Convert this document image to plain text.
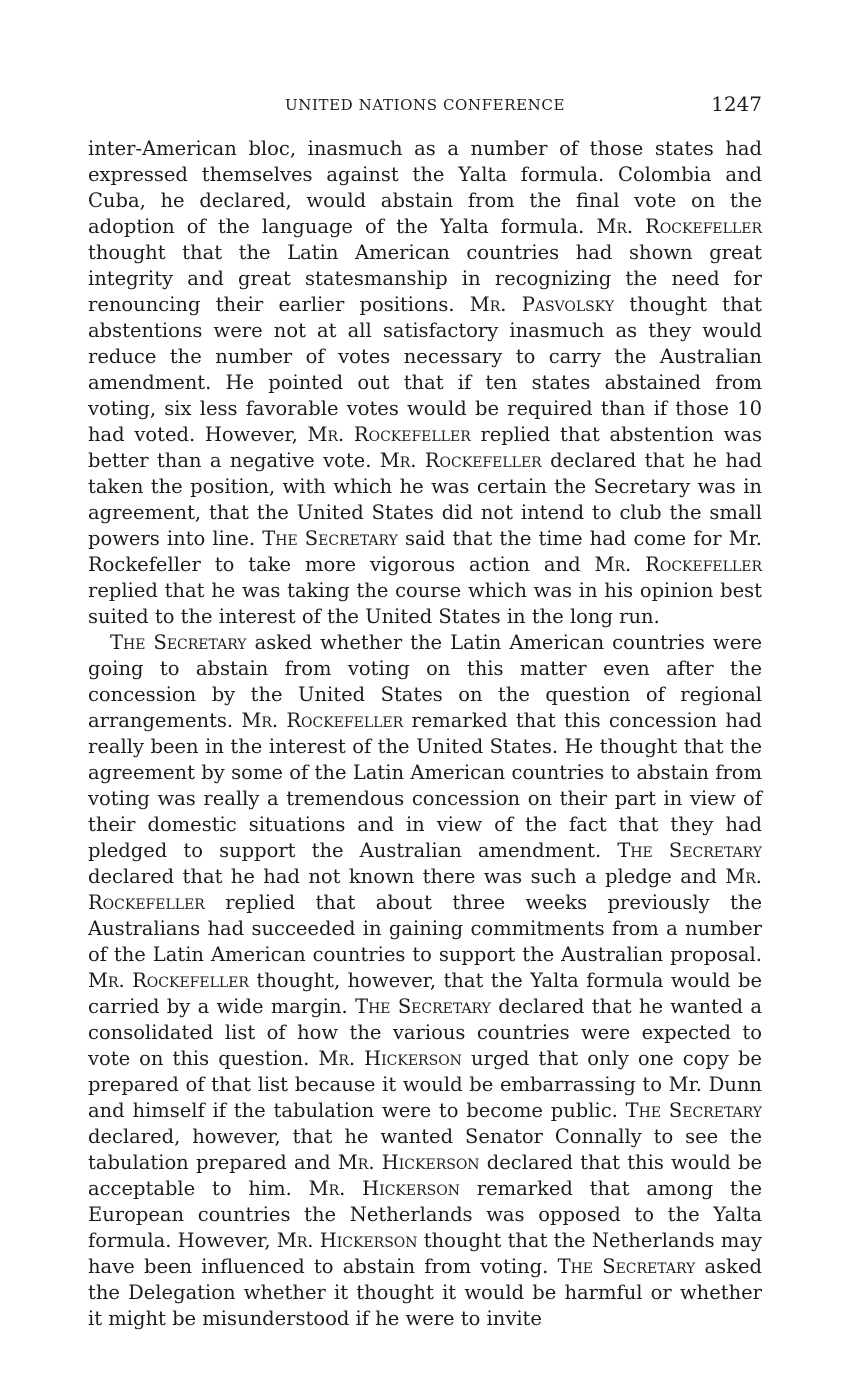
UNITED NATIONS CONFERENCE	1247

inter-American bloc, inasmuch as a number of those states had expressed themselves against the Yalta formula. Colombia and Cuba, he declared, would abstain from the final vote on the adoption of the language of the Yalta formula. Mr. Rockefeller thought that the Latin American countries had shown great integrity and great statesmanship in recognizing the need for renouncing their earlier positions. Mr. Pasvolsky thought that abstentions were not at all satisfactory inasmuch as they would reduce the number of votes necessary to carry the Australian amendment. He pointed out that if ten states abstained from voting, six less favorable votes would be required than if those 10 had voted. However, Mr. Rockefeller replied that abstention was better than a negative vote. Mr. Rockefeller declared that he had taken the position, with which he was certain the Secretary was in agreement, that the United States did not intend to club the small powers into line. The Secretary said that the time had come for Mr. Rockefeller to take more vigorous action and Mr. Rockefeller replied that he was taking the course which was in his opinion best suited to the interest of the United States in the long run.

The Secretary asked whether the Latin American countries were going to abstain from voting on this matter even after the concession by the United States on the question of regional arrangements. Mr. Rockefeller remarked that this concession had really been in the interest of the United States. He thought that the agreement by some of the Latin American countries to abstain from voting was really a tremendous concession on their part in view of their domestic situations and in view of the fact that they had pledged to support the Australian amendment. The Secretary declared that he had not known there was such a pledge and Mr. Rockefeller replied that about three weeks previously the Australians had succeeded in gaining commitments from a number of the Latin American countries to support the Australian proposal. Mr. Rockefeller thought, however, that the Yalta formula would be carried by a wide margin. The Secretary declared that he wanted a consolidated list of how the various countries were expected to vote on this question. Mr. Hickerson urged that only one copy be prepared of that list because it would be embarrassing to Mr. Dunn and himself if the tabulation were to become public. The Secretary declared, however, that he wanted Senator Connally to see the tabulation prepared and Mr. Hickerson declared that this would be acceptable to him. Mr. Hickerson remarked that among the European countries the Netherlands was opposed to the Yalta formula. However, Mr. Hickerson thought that the Netherlands may have been influenced to abstain from voting. The Secretary asked the Delegation whether it thought it would be harmful or whether it might be misunderstood if he were to invite
